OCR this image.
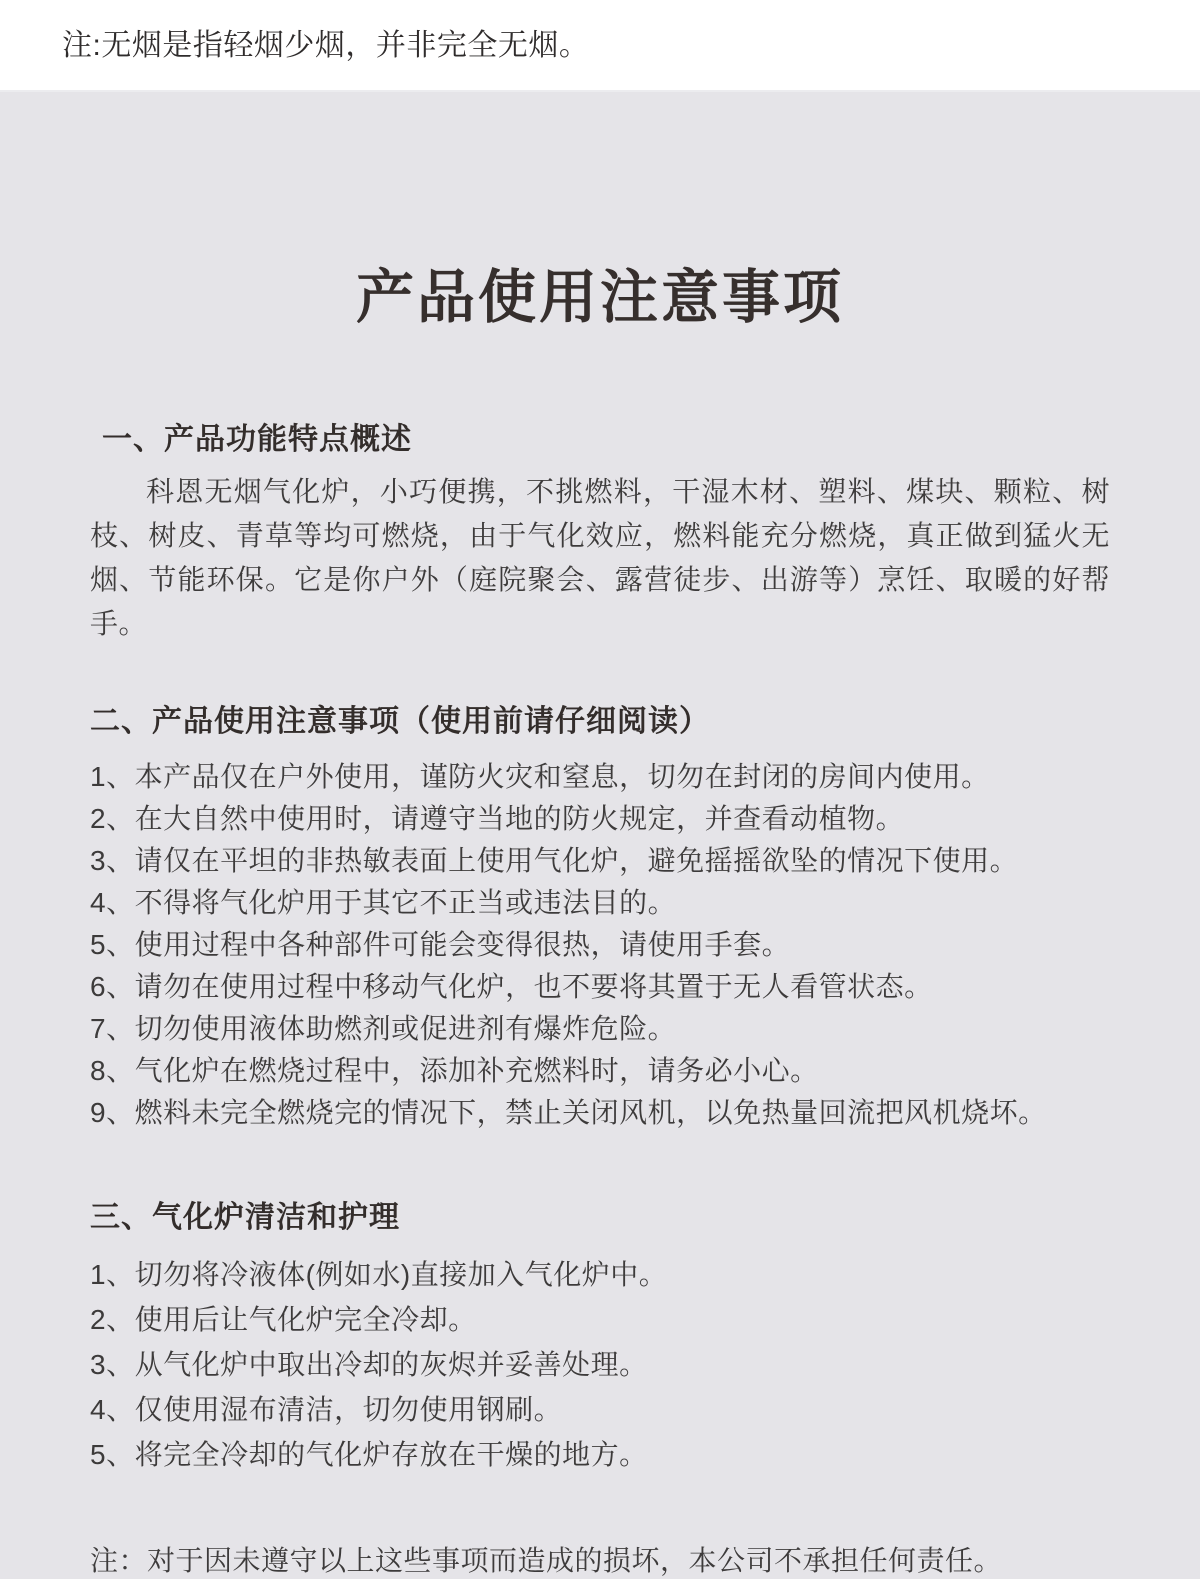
注:无烟是指轻烟少烟，并非完全无烟。
产品使用注意事项
一、产品功能特点概述

科恩无烟气化炉，小巧便携，不挑燃料，干湿木材、塑料、煤块、颗粒、树枝、树皮、青草等均可燃烧，由于气化效应，燃料能充分燃烧，真正做到猛火无烟、节能环保。它是你户外（庭院聚会、露营徒步、出游等）烹饪、取暖的好帮手。

二、产品使用注意事项（使用前请仔细阅读）
1、本产品仅在户外使用，谨防火灾和窒息，切勿在封闭的房间内使用。
2、在大自然中使用时，请遵守当地的防火规定，并查看动植物。
3、请仅在平坦的非热敏表面上使用气化炉，避免摇摇欲坠的情况下使用。
4、不得将气化炉用于其它不正当或违法目的。
5、使用过程中各种部件可能会变得很热，请使用手套。
6、请勿在使用过程中移动气化炉，也不要将其置于无人看管状态。
7、切勿使用液体助燃剂或促进剂有爆炸危险。
8、气化炉在燃烧过程中，添加补充燃料时，请务必小心。
9、燃料未完全燃烧完的情况下，禁止关闭风机，以免热量回流把风机烧坏。
三、气化炉清洁和护理
1、切勿将冷液体(例如水)直接加入气化炉中。
2、使用后让气化炉完全冷却。
3、从气化炉中取出冷却的灰烬并妥善处理。
4、仅使用湿布清洁，切勿使用钢刷。
5、将完全冷却的气化炉存放在干燥的地方。

注：对于因未遵守以上这些事项而造成的损坏，本公司不承担任何责任。
